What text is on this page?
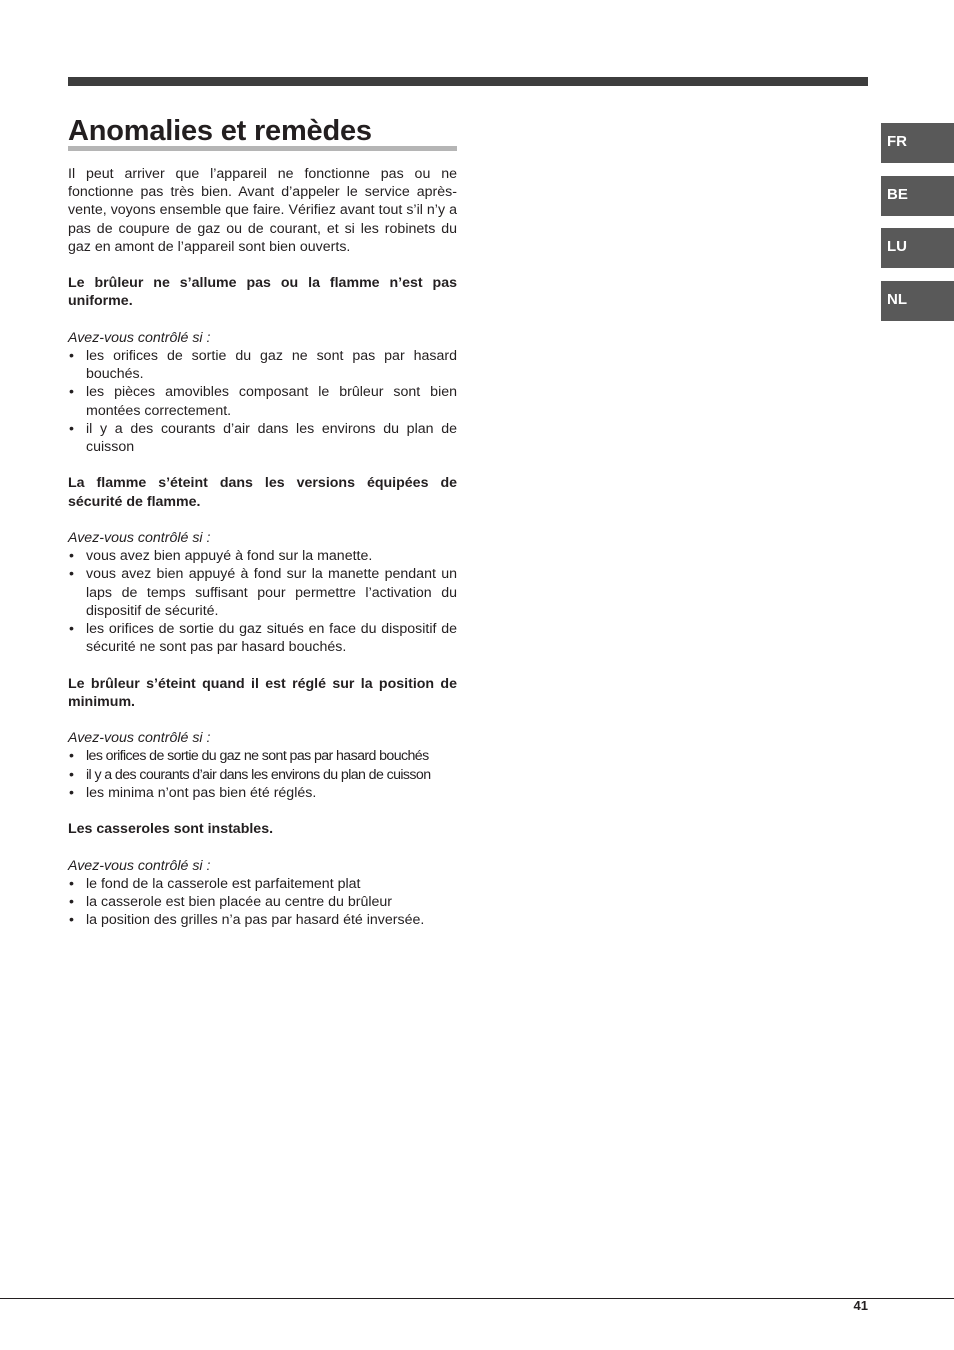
Anomalies et remèdes

Il peut arriver que l’appareil ne fonctionne pas ou ne fonctionne pas très bien. Avant d’appeler le service après-vente, voyons ensemble que faire. Vérifiez avant tout s’il n’y a pas de coupure de gaz ou de courant, et si les robinets du gaz en amont de l’appareil sont bien ouverts.

Le brûleur ne s’allume pas ou la flamme n’est pas uniforme.

Avez-vous contrôlé si :

• les orifices de sortie du gaz ne sont pas par hasard bouchés.
• les pièces amovibles composant le brûleur sont bien montées correctement.
• il y a des courants d’air dans les environs du plan de cuisson

La flamme s’éteint dans les versions équipées de sécurité de flamme.

Avez-vous contrôlé si :

• vous avez bien appuyé à fond sur la manette.
• vous avez bien appuyé à fond sur la manette pendant un laps de temps suffisant pour permettre l’activation du dispositif de sécurité.
• les orifices de sortie du gaz situés en face du dispositif de sécurité ne sont pas par hasard bouchés.

Le brûleur s’éteint quand il est réglé sur la position de minimum.

Avez-vous contrôlé si :

• les orifices de sortie du gaz ne sont pas par hasard bouchés
• il y a des courants d’air dans les environs du plan de cuisson
• les minima n’ont pas bien été réglés.

Les casseroles sont instables.

Avez-vous contrôlé si :

• le fond de la casserole est parfaitement plat
• la casserole est bien placée au centre du brûleur
• la position des grilles n’a pas par hasard été inversée.
FR
BE
LU
NL
41
